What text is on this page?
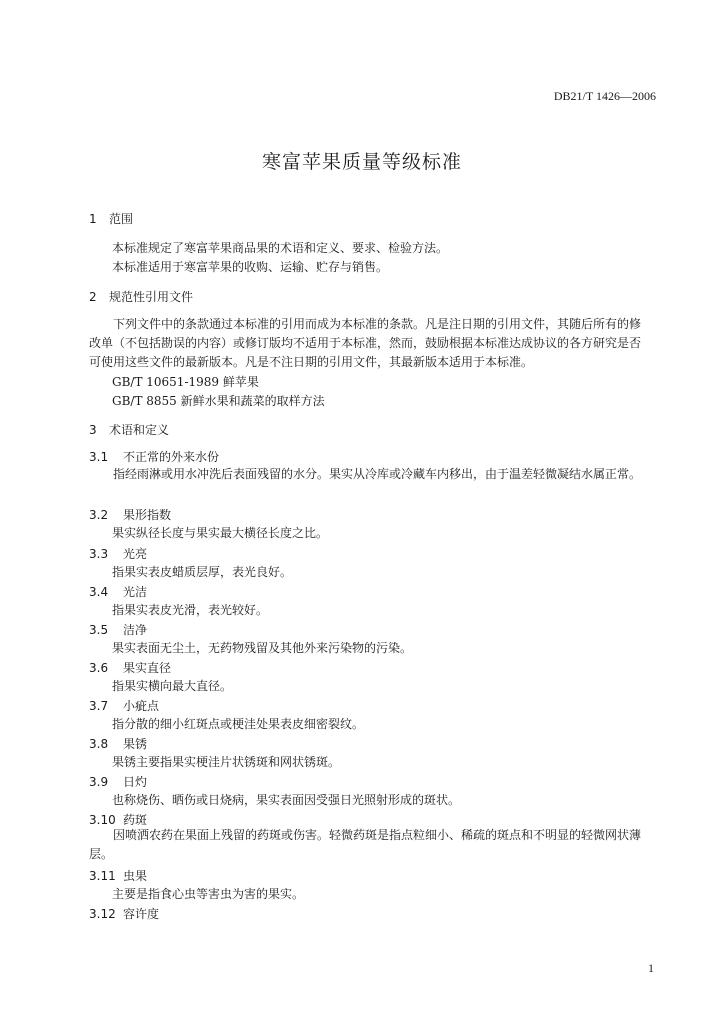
DB21/T 1426—2006
寒富苹果质量等级标准
1 范围
本标准规定了寒富苹果商品果的术语和定义、要求、检验方法。
本标准适用于寒富苹果的收购、运输、贮存与销售。
2 规范性引用文件
下列文件中的条款通过本标准的引用而成为本标准的条款。凡是注日期的引用文件，其随后所有的修改单（不包括勘误的内容）或修订版均不适用于本标准，然而，鼓励根据本标准达成协议的各方研究是否可使用这些文件的最新版本。凡是不注日期的引用文件，其最新版本适用于本标准。
GB/T 10651-1989 鲜苹果
GB/T 8855 新鲜水果和蔬菜的取样方法
3 术语和定义
3.1 不正常的外来水份
指经雨淋或用水冲洗后表面残留的水分。果实从冷库或冷藏车内移出，由于温差轻微凝结水属正常。
3.2 果形指数
果实纵径长度与果实最大横径长度之比。
3.3 光亮
指果实表皮蜡质层厚，表光良好。
3.4 光洁
指果实表皮光滑，表光较好。
3.5 洁净
果实表面无尘土，无药物残留及其他外来污染物的污染。
3.6 果实直径
指果实横向最大直径。
3.7 小疵点
指分散的细小红斑点或梗洼处果表皮细密裂纹。
3.8 果锈
果锈主要指果实梗洼片状锈斑和网状锈斑。
3.9 日灼
也称烧伤、晒伤或日烧病，果实表面因受强日光照射形成的斑状。
3.10 药斑
因喷洒农药在果面上残留的药斑或伤害。轻微药斑是指点粒细小、稀疏的斑点和不明显的轻微网状薄层。
3.11 虫果
主要是指食心虫等害虫为害的果实。
3.12 容许度
1
